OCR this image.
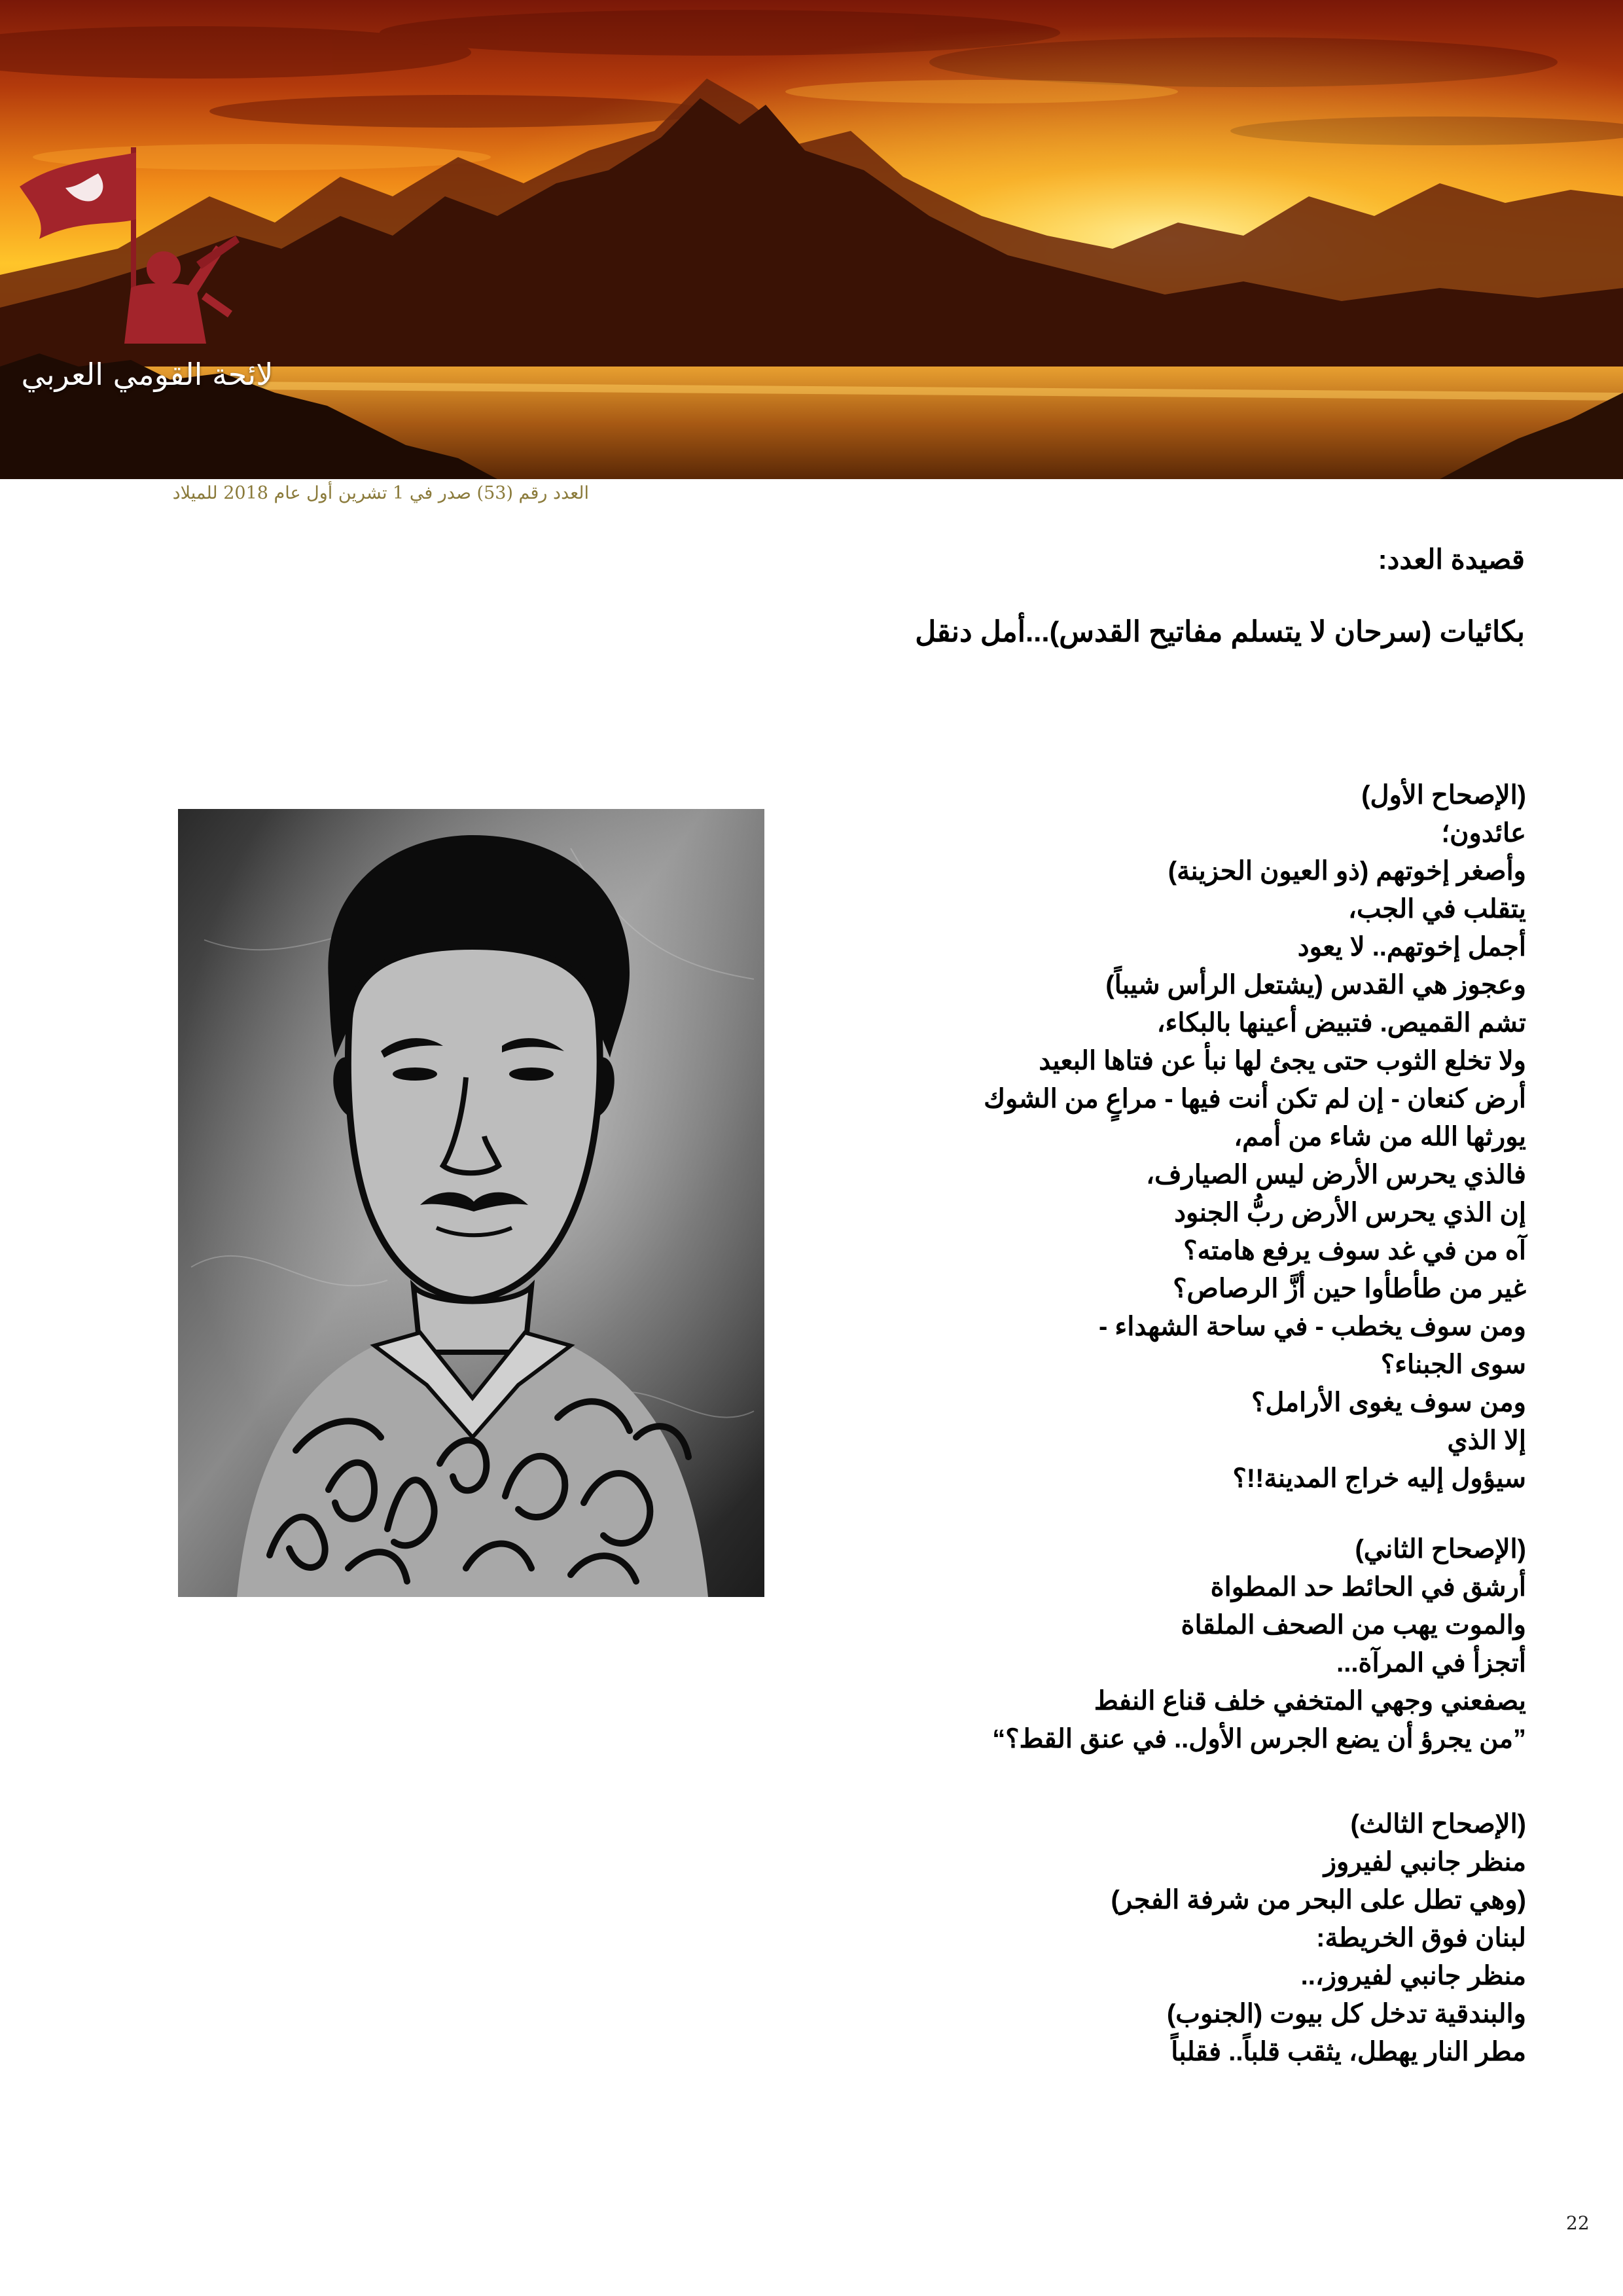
لائحة القومي العربي
العدد رقم (53) صدر في 1 تشرين أول عام 2018 للميلاد
قصيدة العدد:
بكائيات (سرحان لا يتسلم مفاتيح القدس)...أمل دنقل
(الإصحاح الأول)
عائدون؛
وأصغر إخوتهم (ذو العيون الحزينة)
يتقلب في الجب،
أجمل إخوتهم.. لا يعود
وعجوز هي القدس (يشتعل الرأس شيباً)
تشم القميص. فتبيض أعينها بالبكاء،
ولا تخلع الثوب حتى يجئ لها نبأ عن فتاها البعيد
أرض كنعان - إن لم تكن أنت فيها - مراعٍ من الشوك
يورثها الله من شاء من أمم،
فالذي يحرس الأرض ليس الصيارف،
إن الذي يحرس الأرض ربُّ الجنود
آه من في غد سوف يرفع هامته؟
غير من طأطأوا حين أزَّ الرصاص؟
ومن سوف يخطب - في ساحة الشهداء -
سوى الجبناء؟
ومن سوف يغوى الأرامل؟
إلا الذي
سيؤول إليه خراج المدينة!!؟
(الإصحاح الثاني)
أرشق في الحائط حد المطواة
والموت يهب من الصحف الملقاة
أتجزأ في المرآة...
يصفعني وجهي المتخفي خلف قناع النفط
”من يجرؤ أن يضع الجرس الأول.. في عنق القط؟“
(الإصحاح الثالث)
منظر جانبي لفيروز
(وهي تطل على البحر من شرفة الفجر)
لبنان فوق الخريطة:
منظر جانبي لفيروز،..
والبندقية تدخل كل بيوت (الجنوب)
مطر النار يهطل، يثقب قلباً.. فقلباً
22
